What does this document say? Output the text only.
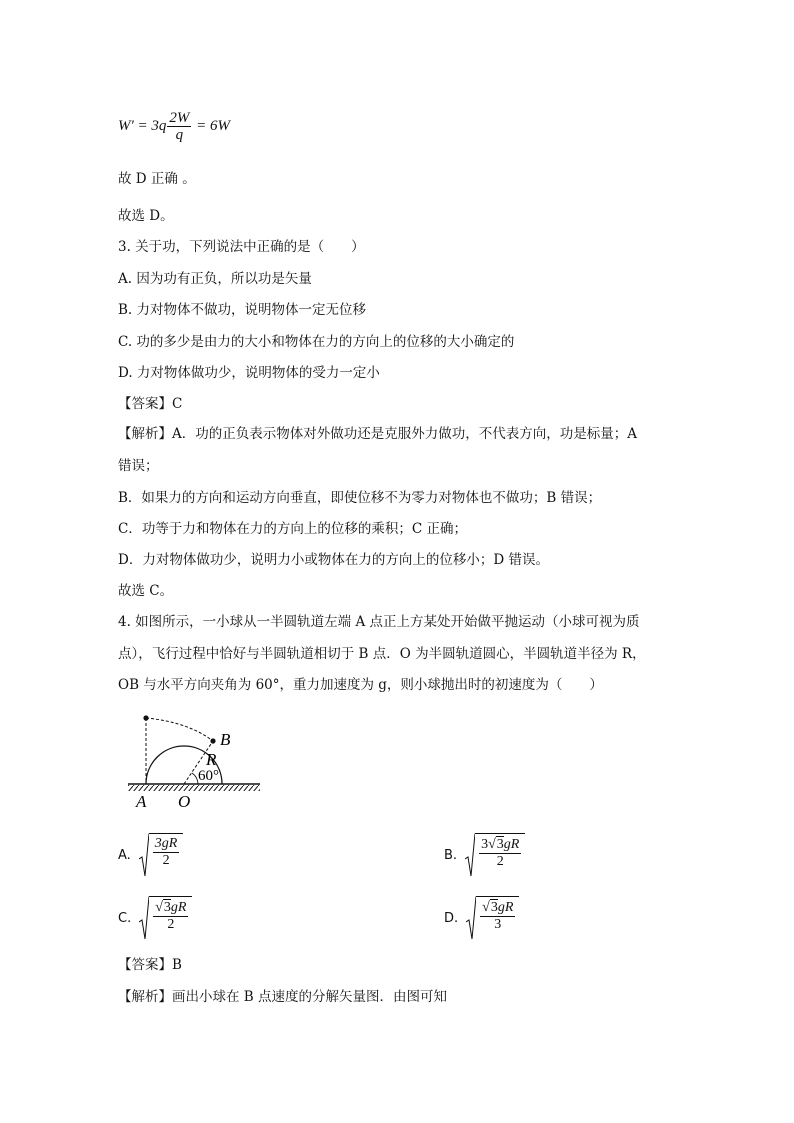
$W' = 3q \frac{2W}{q} = 6W$
故 D 正确 。
故选 D。
3. 关于功，下列说法中正确的是（　　）
A. 因为功有正负，所以功是矢量
B. 力对物体不做功，说明物体一定无位移
C. 功的多少是由力的大小和物体在力的方向上的位移的大小确定的
D. 力对物体做功少，说明物体的受力一定小
【答案】C
【解析】A．功的正负表示物体对外做功还是克服外力做功，不代表方向，功是标量；A
错误；
B．如果力的方向和运动方向垂直，即使位移不为零力对物体也不做功；B 错误；
C．功等于力和物体在力的方向上的位移的乘积；C 正确；
D．力对物体做功少，说明力小或物体在力的方向上的位移小；D 错误。
故选 C。
4. 如图所示，一小球从一半圆轨道左端 A 点正上方某处开始做平抛运动（小球可视为质
点），飞行过程中恰好与半圆轨道相切于 B 点．O 为半圆轨道圆心，半圆轨道半径为 R，
OB 与水平方向夹角为 60°，重力加速度为 g，则小球抛出时的初速度为（　　）
B
R
60°
A O
A. $\frac{3gR}{2}$	B. $\frac{3√3gR}{2}$
C. $\frac{√3gR}{2}$	D. $\frac{√3gR}{3}$
【答案】B
【解析】画出小球在 B 点速度的分解矢量图．由图可知
